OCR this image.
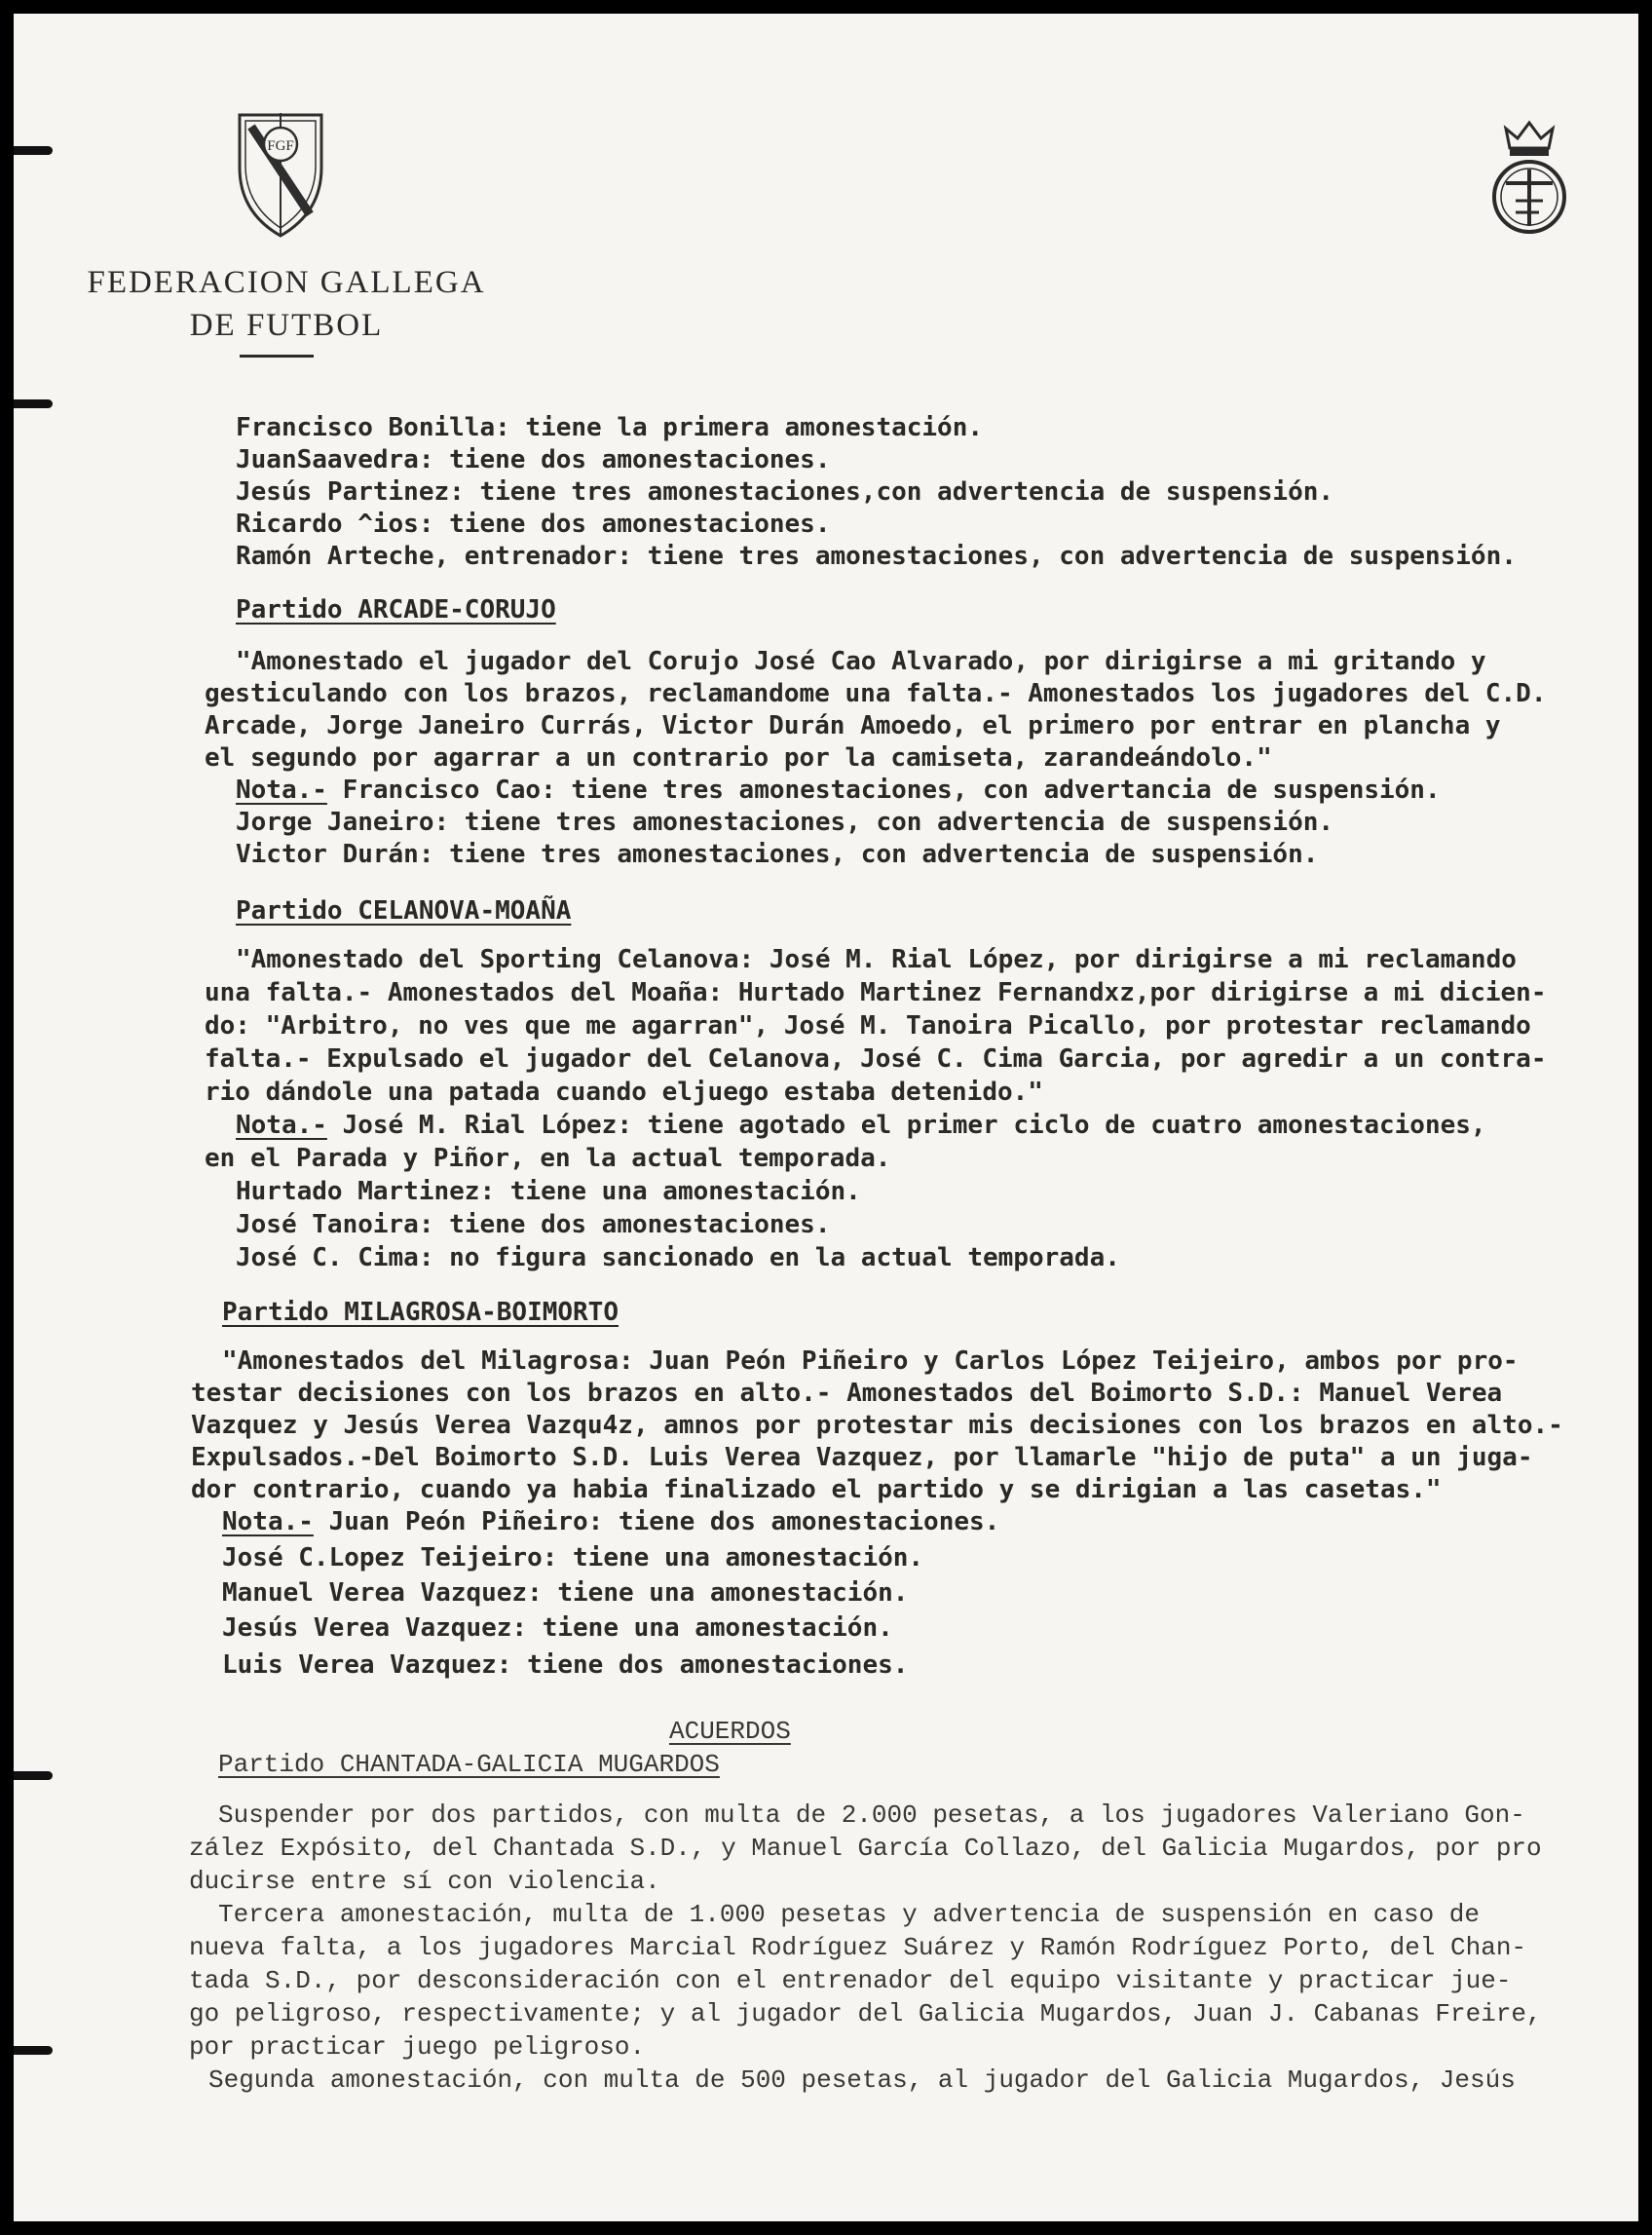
FGF
FEDERACION GALLEGA
DE FUTBOL
Francisco Bonilla: tiene la primera amonestación.
JuanSaavedra: tiene dos amonestaciones.
Jesús Partinez: tiene tres amonestaciones,con advertencia de suspensión.
Ricardo ^ios: tiene dos amonestaciones.
Ramón Arteche, entrenador: tiene tres amonestaciones, con advertencia de suspensión.
Partido ARCADE-CORUJO
"Amonestado el jugador del Corujo José Cao Alvarado, por dirigirse a mi gritando y
gesticulando con los brazos, reclamandome una falta.- Amonestados los jugadores del C.D.
Arcade, Jorge Janeiro Currás, Victor Durán Amoedo, el primero por entrar en plancha y
el segundo por agarrar a un contrario por la camiseta, zarandeándolo."
Nota.- Francisco Cao: tiene tres amonestaciones, con advertancia de suspensión.
Jorge Janeiro: tiene tres amonestaciones, con advertencia de suspensión.
Victor Durán: tiene tres amonestaciones, con advertencia de suspensión.
Partido CELANOVA-MOAÑA
"Amonestado del Sporting Celanova: José M. Rial López, por dirigirse a mi reclamando
una falta.- Amonestados del Moaña: Hurtado Martinez Fernandxz,por dirigirse a mi dicien-
do: "Arbitro, no ves que me agarran", José M. Tanoira Picallo, por protestar reclamando
falta.- Expulsado el jugador del Celanova, José C. Cima Garcia, por agredir a un contra-
rio dándole una patada cuando eljuego estaba detenido."
Nota.- José M. Rial López: tiene agotado el primer ciclo de cuatro amonestaciones,
en el Parada y Piñor, en la actual temporada.
Hurtado Martinez: tiene una amonestación.
José Tanoira: tiene dos amonestaciones.
José C. Cima: no figura sancionado en la actual temporada.
Partido MILAGROSA-BOIMORTO
"Amonestados del Milagrosa: Juan Peón Piñeiro y Carlos López Teijeiro, ambos por pro-
testar decisiones con los brazos en alto.- Amonestados del Boimorto S.D.: Manuel Verea
Vazquez y Jesús Verea Vazqu4z, amnos por protestar mis decisiones con los brazos en alto.-
Expulsados.-Del Boimorto S.D. Luis Verea Vazquez, por llamarle "hijo de puta" a un juga-
dor contrario, cuando ya habia finalizado el partido y se dirigian a las casetas."
Nota.- Juan Peón Piñeiro: tiene dos amonestaciones.
José C.Lopez Teijeiro: tiene una amonestación.
Manuel Verea Vazquez: tiene una amonestación.
Jesús Verea Vazquez: tiene una amonestación.
Luis Verea Vazquez: tiene dos amonestaciones.
ACUERDOS
Partido CHANTADA-GALICIA MUGARDOS
Suspender por dos partidos, con multa de 2.000 pesetas, a los jugadores Valeriano Gon-
zález Expósito, del Chantada S.D., y Manuel García Collazo, del Galicia Mugardos, por pro
ducirse entre sí con violencia.
Tercera amonestación, multa de 1.000 pesetas y advertencia de suspensión en caso de
nueva falta, a los jugadores Marcial Rodríguez Suárez y Ramón Rodríguez Porto, del Chan-
tada S.D., por desconsideración con el entrenador del equipo visitante y practicar jue-
go peligroso, respectivamente; y al jugador del Galicia Mugardos, Juan J. Cabanas Freire,
por practicar juego peligroso.
Segunda amonestación, con multa de 500 pesetas, al jugador del Galicia Mugardos, Jesús
